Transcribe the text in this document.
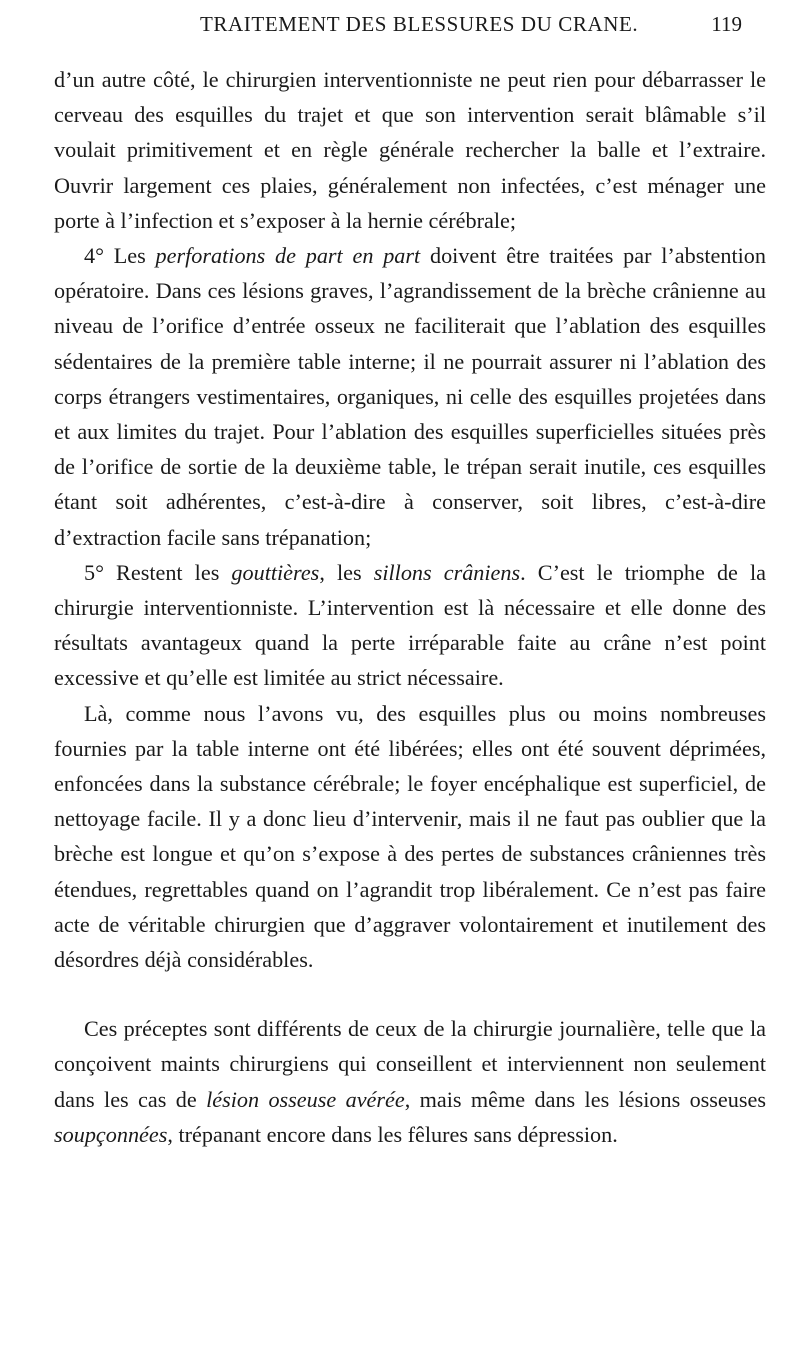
TRAITEMENT DES BLESSURES DU CRANE.	119

d’un autre côté, le chirurgien interventionniste ne peut rien pour débarrasser le cerveau des esquilles du trajet et que son intervention serait blâmable s’il voulait primitivement et en règle générale rechercher la balle et l’extraire. Ouvrir largement ces plaies, généralement non infectées, c’est ménager une porte à l’infection et s’exposer à la hernie cérébrale;

4° Les perforations de part en part doivent être traitées par l’abstention opératoire. Dans ces lésions graves, l’agrandissement de la brèche crânienne au niveau de l’orifice d’entrée osseux ne faciliterait que l’ablation des esquilles sédentaires de la première table interne; il ne pourrait assurer ni l’ablation des corps étrangers vestimentaires, organiques, ni celle des esquilles projetées dans et aux limites du trajet. Pour l’ablation des esquilles superficielles situées près de l’orifice de sortie de la deuxième table, le trépan serait inutile, ces esquilles étant soit adhérentes, c’est-à-dire à conserver, soit libres, c’est-à-dire d’extraction facile sans trépanation;

5° Restent les gouttières, les sillons crâniens. C’est le triomphe de la chirurgie interventionniste. L’intervention est là nécessaire et elle donne des résultats avantageux quand la perte irréparable faite au crâne n’est point excessive et qu’elle est limitée au strict nécessaire.

Là, comme nous l’avons vu, des esquilles plus ou moins nombreuses fournies par la table interne ont été libérées; elles ont été souvent déprimées, enfoncées dans la substance cérébrale; le foyer encéphalique est superficiel, de nettoyage facile. Il y a donc lieu d’intervenir, mais il ne faut pas oublier que la brèche est longue et qu’on s’expose à des pertes de substances crâniennes très étendues, regrettables quand on l’agrandit trop libéralement. Ce n’est pas faire acte de véritable chirurgien que d’aggraver volontairement et inutilement des désordres déjà considérables.

Ces préceptes sont différents de ceux de la chirurgie journalière, telle que la conçoivent maints chirurgiens qui conseillent et interviennent non seulement dans les cas de lésion osseuse avérée, mais même dans les lésions osseuses soupçonnées, trépanant encore dans les fêlures sans dépression.
